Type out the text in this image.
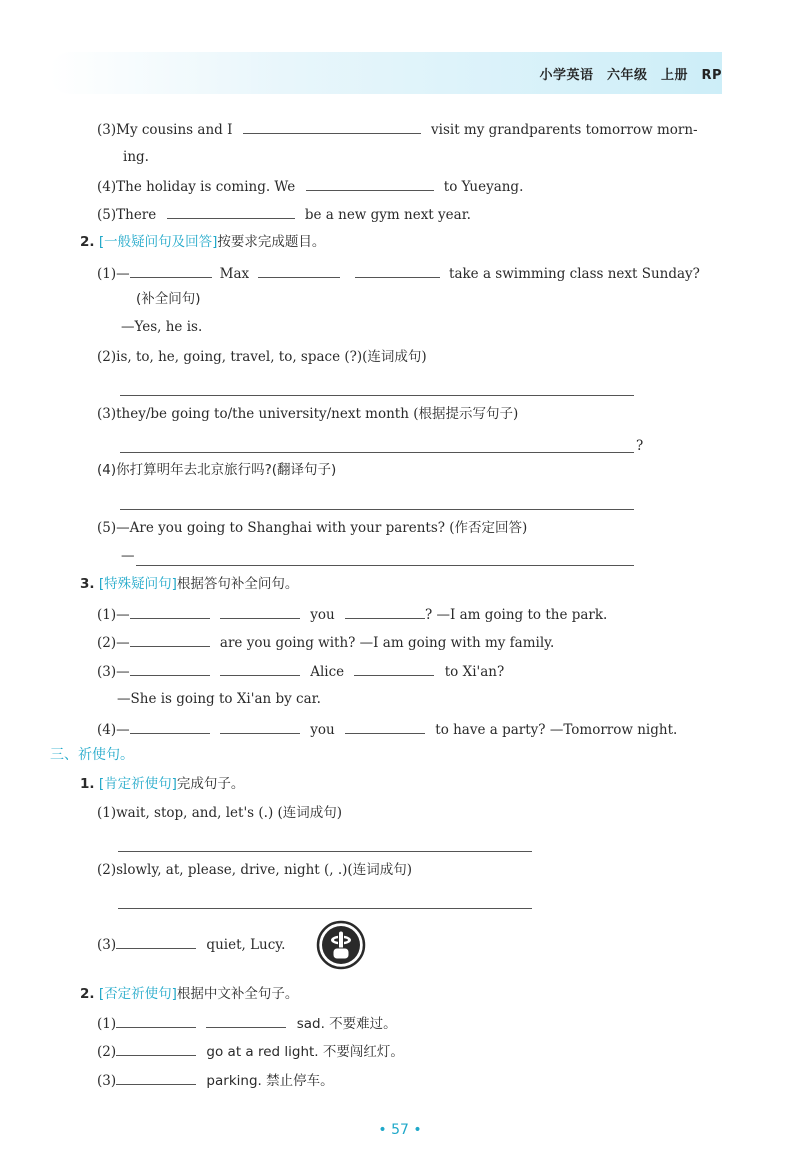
小学英语　六年级　上册　RP
(3)My cousins and I	visit my grandparents tomorrow morn-
ing.
(4)The holiday is coming. We	to Yueyang.
(5)There	be a new gym next year.
2. [一般疑问句及回答]按要求完成题目。
(1)—	Max	take a swimming class next Sunday?
(补全问句)
—Yes, he is.
(2)is, to, he, going, travel, to, space (?)(连词成句)
(3)they/be going to/the university/next month (根据提示写句子)
?
(4)你打算明年去北京旅行吗?(翻译句子)
(5)—Are you going to Shanghai with your parents? (作否定回答)
—
3. [特殊疑问句]根据答句补全问句。
(1)—	you	? —I am going to the park.
(2)—	are you going with? —I am going with my family.
(3)—	Alice	to Xi'an?
—She is going to Xi'an by car.
(4)—	you	to have a party? —Tomorrow night.
三、祈使句。
1. [肯定祈使句]完成句子。
(1)wait, stop, and, let's (.) (连词成句)
(2)slowly, at, please, drive, night (, .)(连词成句)
(3)	quiet, Lucy.
2. [否定祈使句]根据中文补全句子。
(1)	sad. 不要难过。
(2)	go at a red light. 不要闯红灯。
(3)	parking. 禁止停车。
• 57 •
